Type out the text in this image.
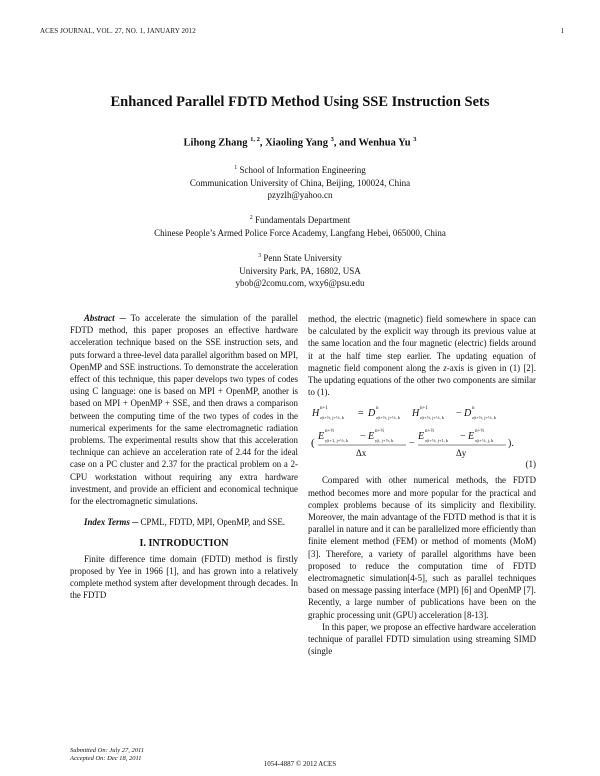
ACES JOURNAL, VOL. 27, NO. 1, JANUARY 2012	1
Enhanced Parallel FDTD Method Using SSE Instruction Sets
Lihong Zhang $^{1, 2}$, Xiaoling Yang $^3$, and Wenhua Yu $^3$
$^1$ School of Information Engineering
Communication University of China, Beijing, 100024, China
pzyzlh@yahoo.cn
$^2$ Fundamentals Department
Chinese People’s Armed Police Force Academy, Langfang Hebei, 065000, China
$^3$ Penn State University
University Park, PA, 16802, USA
ybob@2comu.com, wxy6@psu.edu

Abstract ─ To accelerate the simulation of the parallel FDTD method, this paper proposes an effective hardware acceleration technique based on the SSE instruction sets, and puts forward a three-level data parallel algorithm based on MPI, OpenMP and SSE instructions. To demonstrate the acceleration effect of this technique, this paper develops two types of codes using C language: one is based on MPI + OpenMP, another is based on MPI + OpenMP + SSE, and then draws a comparison between the computing time of the two types of codes in the numerical experiments for the same electromagnetic radiation problems. The experimental results show that this acceleration technique can achieve an acceleration rate of 2.44 for the ideal case on a PC cluster and 2.37 for the practical problem on a 2-CPU workstation without requiring any extra hardware investment, and provide an efficient and economical technique for the electromagnetic simulations.

Index Terms ─ CPML, FDTD, MPI, OpenMP, and SSE.

I. INTRODUCTION

Finite difference time domain (FDTD) method is firstly proposed by Yee in 1966 [1], and has grown into a relatively complete method system after development through decades. In the FDTD

method, the electric (magnetic) field somewhere in space can be calculated by the explicit way through its previous value at the same location and the four magnetic (electric) fields around it at the half time step earlier. The updating equation of magnetic field component along the z-axis is given in (1) [2]. The updating equations of the other two components are similar to (1).

H n+1
z|i+½, j+½, k = D n
z|i+½, j+½, k H n+1
z|i+½, j+½, k − D n
z|i+½, j+½, k
(
E n+½
y|i+1, j+½, k − E n+½
y|i, j+½, k
Δx
−
E n+½
x|i+½, j+1, k − E n+½
x|i+½, j, k
Δy
).
(1)

Compared with other numerical methods, the FDTD method becomes more and more popular for the practical and complex problems because of its simplicity and flexibility. Moreover, the main advantage of the FDTD method is that it is parallel in nature and it can be parallelized more efficiently than finite element method (FEM) or method of moments (MoM) [3]. Therefore, a variety of parallel algorithms have been proposed to reduce the computation time of FDTD electromagnetic simulation[4-5], such as parallel techniques based on message passing interface (MPI) [6] and OpenMP [7]. Recently, a large number of publications have been on the graphic processing unit (GPU) acceleration [8-13].

In this paper, we propose an effective hardware acceleration technique of parallel FDTD simulation using streaming SIMD (single

Submitted On: July 27, 2011
Accepted On: Dec 18, 2011
1054-4887 © 2012 ACES
